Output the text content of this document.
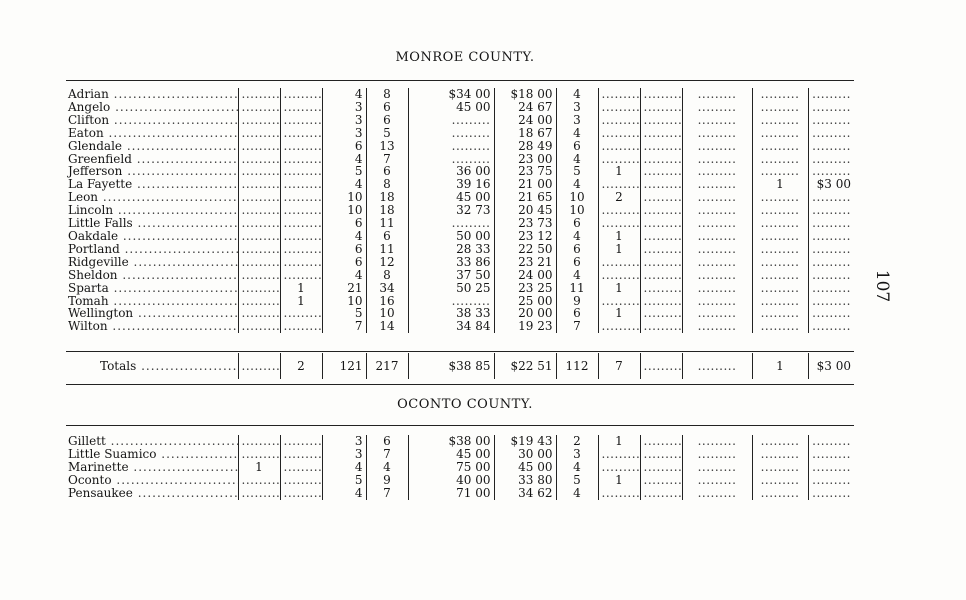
MONROE COUNTY.
107
Adrian .....	.........	.........	4	8	$34 00	$18 00	4	.........	.........	.........	.........	.........
Angelo .....	.........	.........	3	6	45 00	24 67	3	.........	.........	.........	.........	.........
Clifton .....	.........	.........	3	6	.........	24 00	3	.........	.........	.........	.........	.........
Eaton .....	.........	.........	3	5	.........	18 67	4	.........	.........	.........	.........	.........
Glendale .....	.........	.........	6	13	.........	28 49	6	.........	.........	.........	.........	.........
Greenfield .....	.........	.........	4	7	.........	23 00	4	.........	.........	.........	.........	.........
Jefferson .....	.........	.........	5	6	36 00	23 75	5	1	.........	.........	.........	.........
La Fayette .....	.........	.........	4	8	39 16	21 00	4	.........	.........	.........	1	$3 00
Leon .....	.........	.........	10	18	45 00	21 65	10	2	.........	.........	.........	.........
Lincoln .....	.........	.........	10	18	32 73	20 45	10	.........	.........	.........	.........	.........
Little Falls .....	.........	.........	6	11	.........	23 73	6	.........	.........	.........	.........	.........
Oakdale .....	.........	.........	4	6	50 00	23 12	4	1	.........	.........	.........	.........
Portland .....	.........	.........	6	11	28 33	22 50	6	1	.........	.........	.........	.........
Ridgeville .....	.........	.........	6	12	33 86	23 21	6	.........	.........	.........	.........	.........
Sheldon .....	.........	.........	4	8	37 50	24 00	4	.........	.........	.........	.........	.........
Sparta .....	.........	1	21	34	50 25	23 25	11	1	.........	.........	.........	.........
Tomah .....	.........	1	10	16	.........	25 00	9	.........	.........	.........	.........	.........
Wellington .....	.........	.........	5	10	38 33	20 00	6	1	.........	.........	.........	.........
Wilton .....	.........	.........	7	14	34 84	19 23	7	.........	.........	.........	.........	.........
Totals .....	.........	2	121	217	$38 85	$22 51	112	7	.........	.........	1	$3 00
OCONTO COUNTY.
Gillett .....	.........	.........	3	6	$38 00	$19 43	2	1	.........	.........	.........	.........
Little Suamico .....	.........	.........	3	7	45 00	30 00	3	.........	.........	.........	.........	.........
Marinette .....	1	.........	4	4	75 00	45 00	4	.........	.........	.........	.........	.........
Oconto .....	.........	.........	5	9	40 00	33 80	5	1	.........	.........	.........	.........
Pensaukee .....	.........	.........	4	7	71 00	34 62	4	.........	.........	.........	.........	.........
